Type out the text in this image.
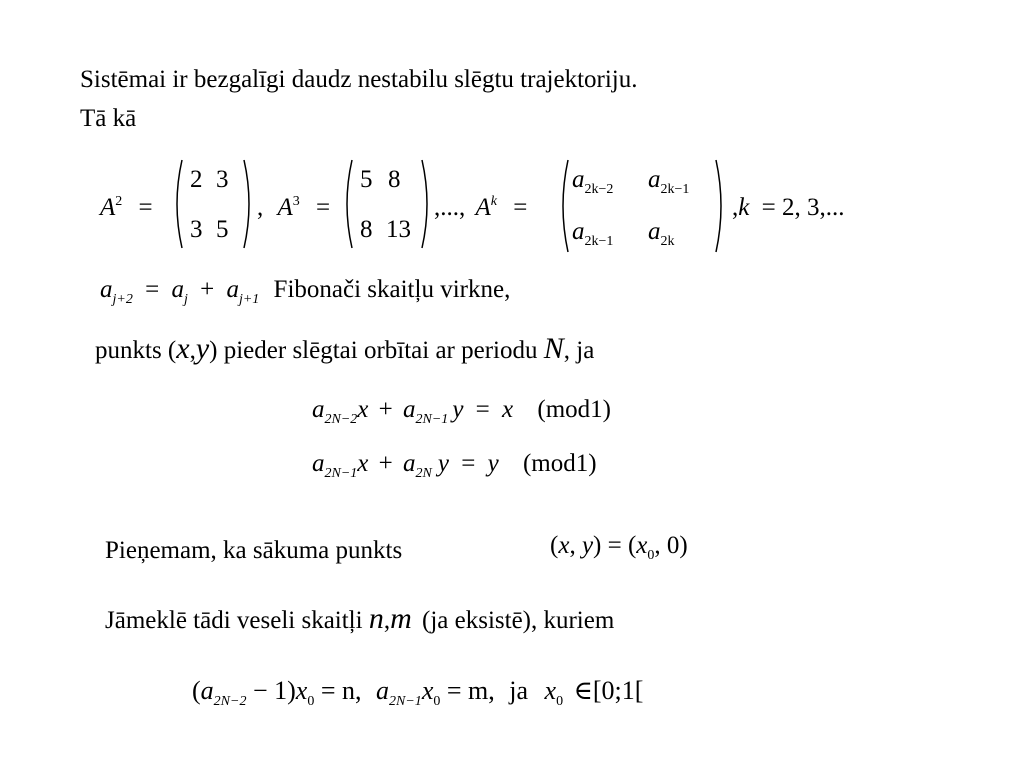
Sistēmai ir bezgalīgi daudz nestabilu slēgtu trajektoriju.
Tā kā
$A^2$ =
2 3
3 5
, $A^3$ =
5 8
8 13
,..., $A^k$ =
$a_{2k-2}$ $a_{2k-1}$
$a_{2k-1}$ $a_{2k}$
,k = 2, 3,...
$a_{j+2} = a_j + a_{j+1}$ Fibonači skaitļu virkne,
punkts (x,y) pieder slēgtai orbītai ar periodu N, ja
$a_{2N-2}x + a_{2N-1}$ y = x (mod1)
$a_{2N-1}x + a_{2N}$ y = y (mod1)
Pieņemam, ka sākuma punkts	(x, $y) = (x_0$, 0)
Jāmeklē tādi veseli skaitļi n,m (ja eksistē), kuriem
$(a_{2N-2} - 1)x_0 = n$, $a_{2N-1}x_0 = m$, ja $x_0$ ∈[0;1[
